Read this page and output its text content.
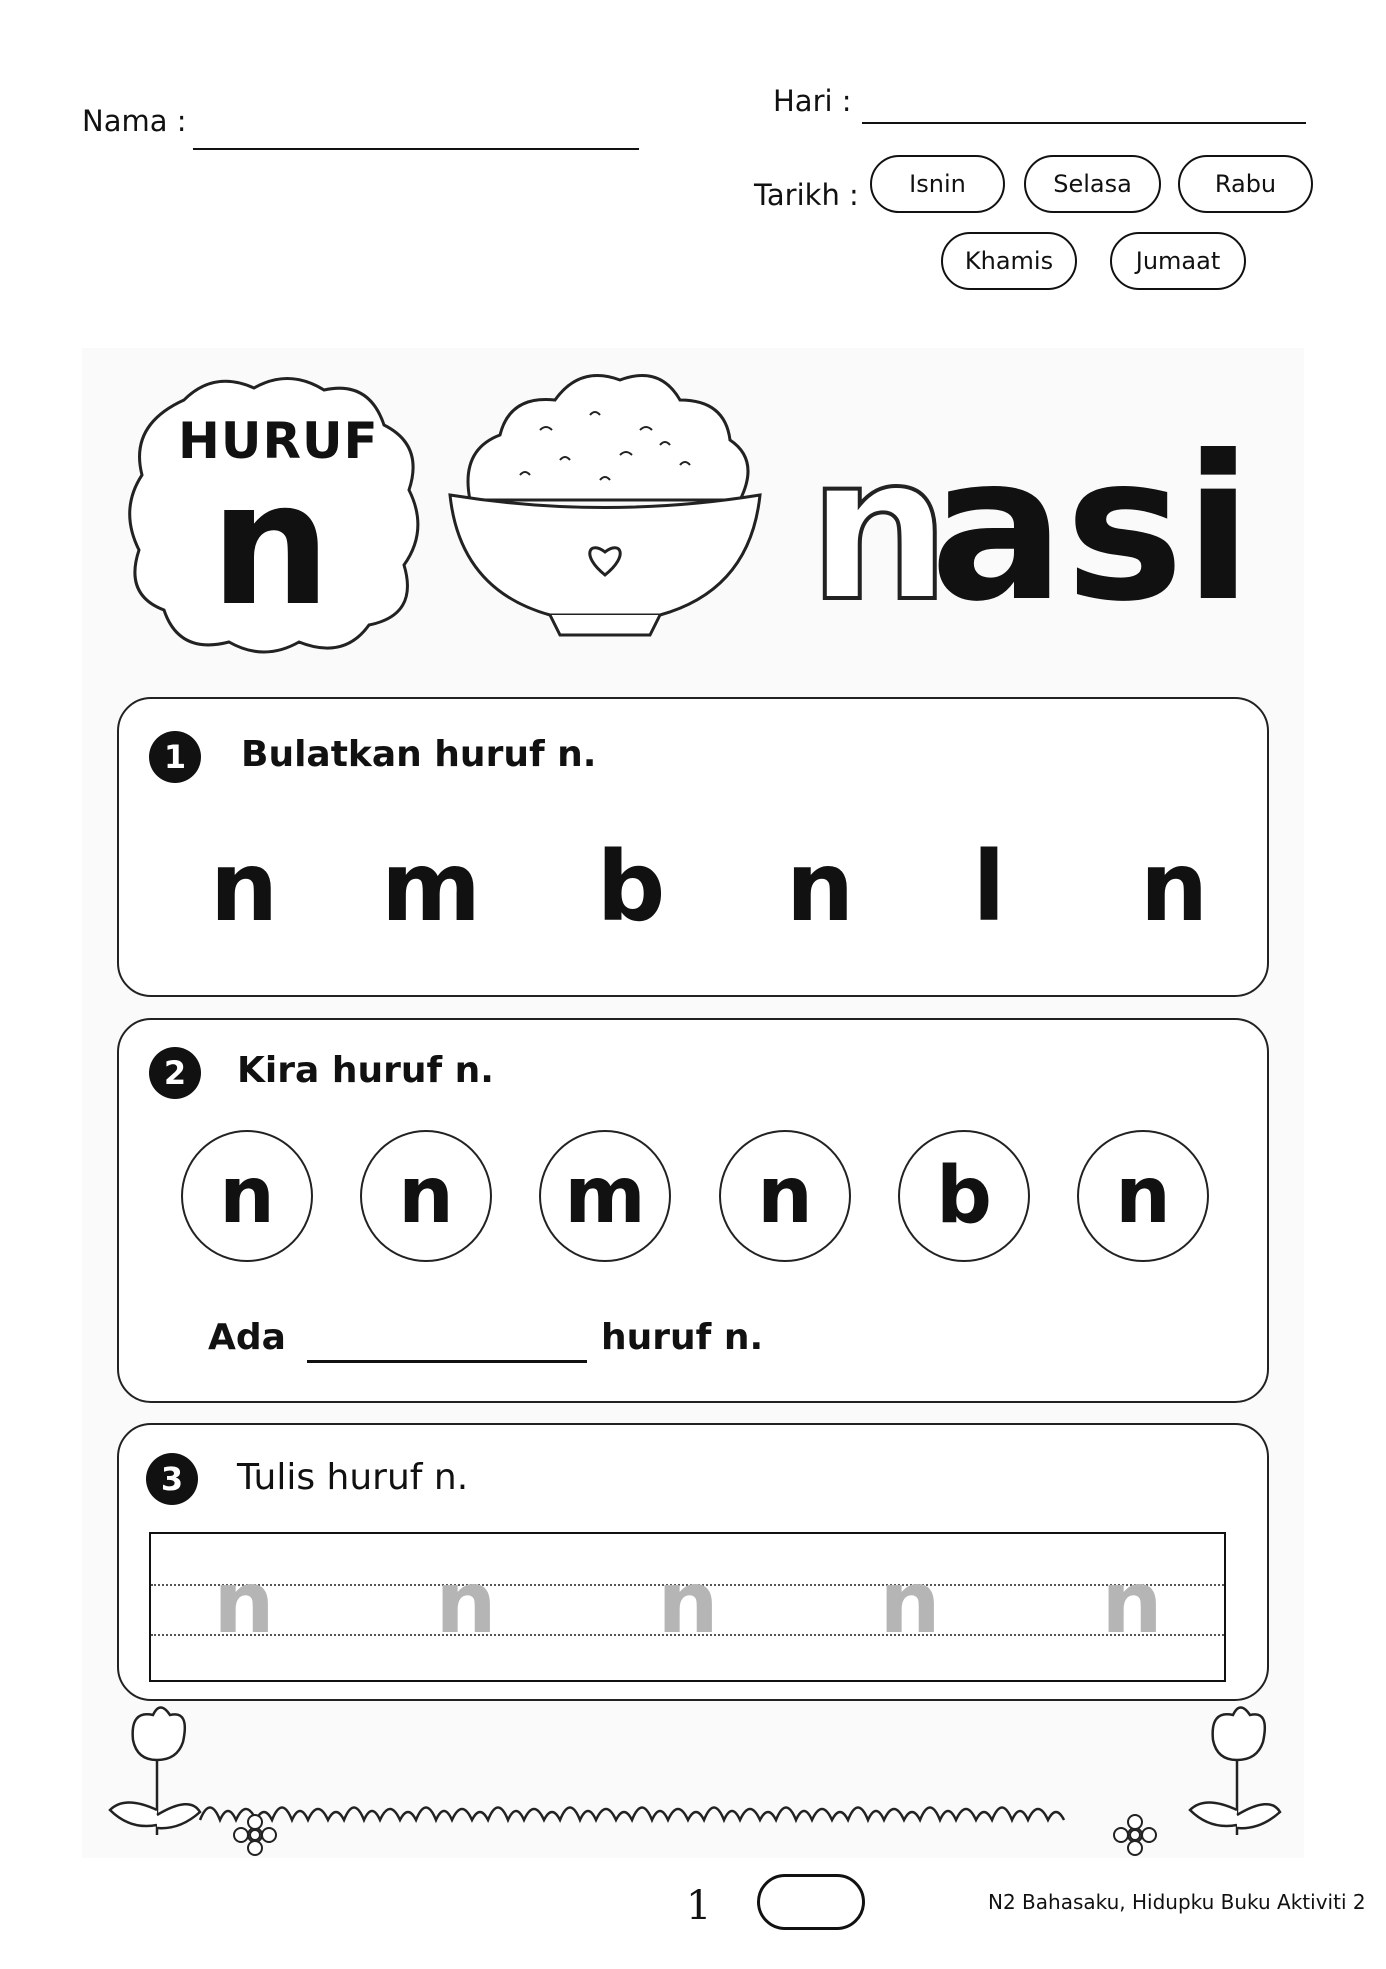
Nama :
Hari :
Tarikh :	Isnin	Selasa	Rabu
Khamis	Jumaat
HURUF
n n
asi
1	Bulatkan huruf n.
n m b n	l	n
2	Kira huruf n.
n	n	m	n	b	n
Ada	huruf n.
3	Tulis huruf n.
n n n n n
1	N2 Bahasaku, Hidupku Buku Aktiviti 2
